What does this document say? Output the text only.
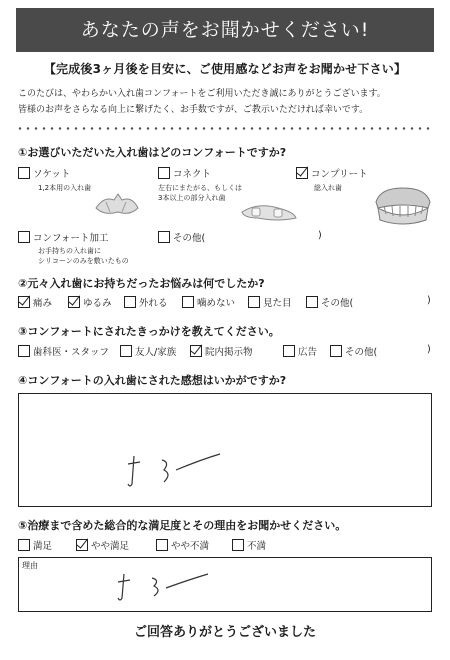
あなたの声をお聞かせください!
【完成後3ヶ月後を目安に、ご使用感などお声をお聞かせ下さい】
このたびは、やわらかい入れ歯コンフォートをご利用いただき誠にありがとうございます。
皆様のお声をさらなる向上に繋げたく、お手数ですが、ご教示いただければ幸いです。
①お選びいただいた入れ歯はどのコンフォートですか?
ソケット
1,2本用の入れ歯
コネクト
左右にまたがる、もしくは
3本以上の部分入れ歯
コンプリート
総入れ歯
コンフォート加工
お手持ちの入れ歯に
シリコーンのみを敷いたもの
その他(	)
②元々入れ歯にお持ちだったお悩みは何でしたか?
痛み	ゆるみ	外れる	噛めない	見た目	その他(	)
③コンフォートにされたきっかけを教えてください。
歯科医・スタッフ	友人/家族	院内掲示物	広告	その他(	)
④コンフォートの入れ歯にされた感想はいかがですか?
⑤治療まで含めた総合的な満足度とその理由をお聞かせください。
満足	やや満足	やや不満	不満
理由
ご回答ありがとうございました
